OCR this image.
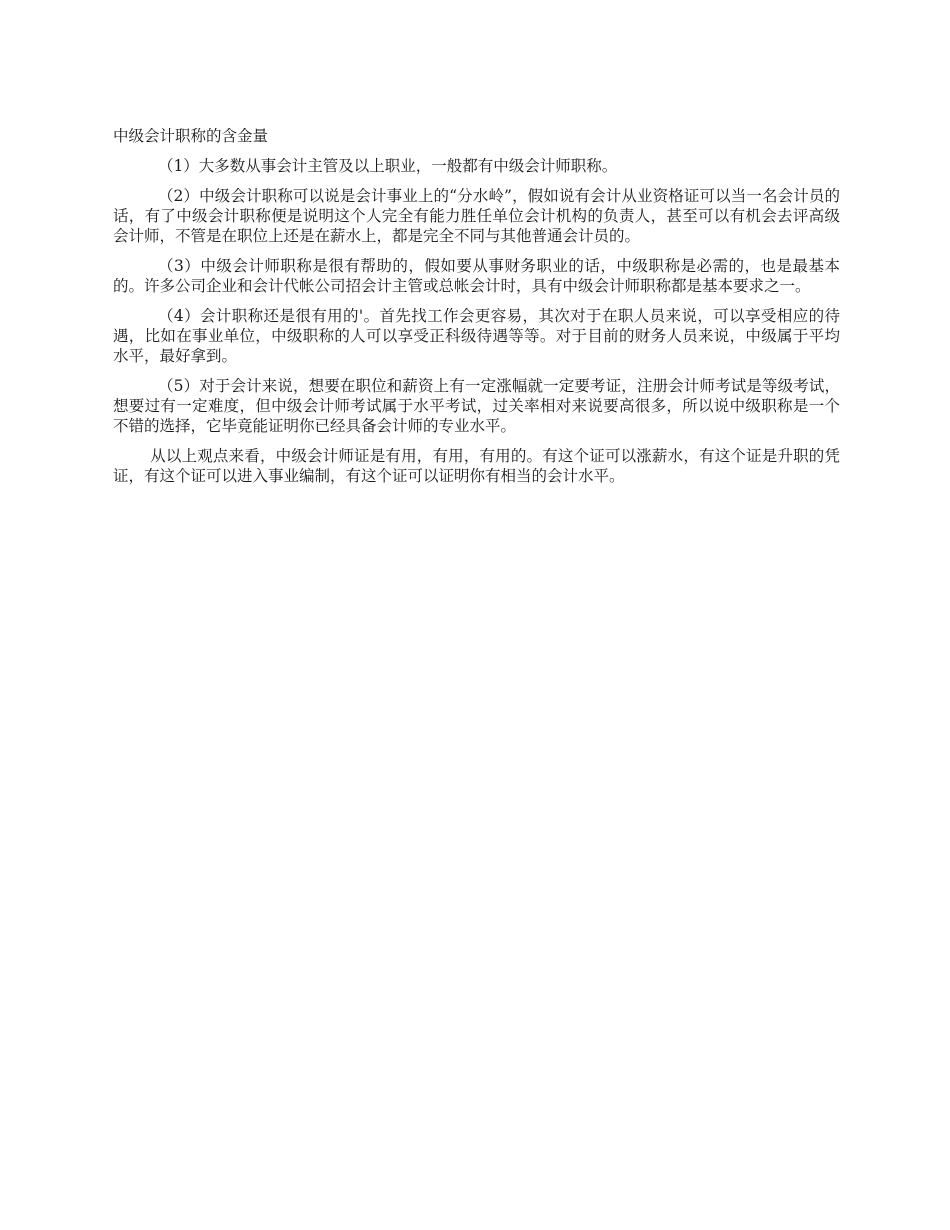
中级会计职称的含金量

（1）大多数从事会计主管及以上职业，一般都有中级会计师职称。

（2）中级会计职称可以说是会计事业上的“分水岭”，假如说有会计从业资格证可以当一名会计员的话，有了中级会计职称便是说明这个人完全有能力胜任单位会计机构的负责人，甚至可以有机会去评高级会计师，不管是在职位上还是在薪水上，都是完全不同与其他普通会计员的。

（3）中级会计师职称是很有帮助的，假如要从事财务职业的话，中级职称是必需的，也是最基本的。许多公司企业和会计代帐公司招会计主管或总帐会计时，具有中级会计师职称都是基本要求之一。

（4）会计职称还是很有用的'。首先找工作会更容易，其次对于在职人员来说，可以享受相应的待遇，比如在事业单位，中级职称的人可以享受正科级待遇等等。对于目前的财务人员来说，中级属于平均水平，最好拿到。

（5）对于会计来说，想要在职位和薪资上有一定涨幅就一定要考证，注册会计师考试是等级考试，想要过有一定难度，但中级会计师考试属于水平考试，过关率相对来说要高很多，所以说中级职称是一个不错的选择，它毕竟能证明你已经具备会计师的专业水平。

从以上观点来看，中级会计师证是有用，有用，有用的。有这个证可以涨薪水，有这个证是升职的凭证，有这个证可以进入事业编制，有这个证可以证明你有相当的会计水平。
